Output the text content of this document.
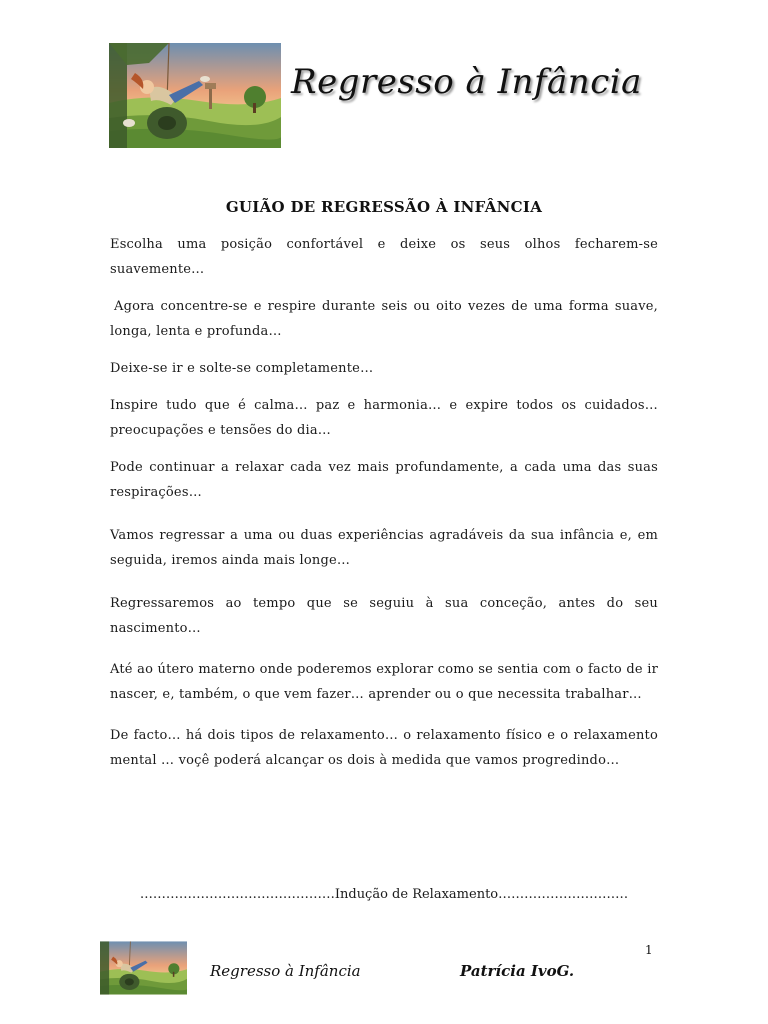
Regresso à Infância
GUIÃO DE REGRESSÃO À INFÂNCIA

Escolha uma posição confortável e deixe os seus olhos fecharem-se suavemente…

Agora concentre-se e respire durante seis ou oito vezes de uma forma suave, longa, lenta e profunda…

Deixe-se ir e solte-se completamente…

Inspire tudo que é calma… paz e harmonia… e expire todos os cuidados… preocupações e tensões do dia…

Pode continuar a relaxar cada vez mais profundamente, a cada uma das suas respirações…

Vamos regressar a uma ou duas experiências agradáveis da sua infância e, em seguida, iremos ainda mais longe…

Regressaremos ao tempo que se seguiu à sua conceção, antes do seu nascimento…

Até ao útero materno onde poderemos explorar como se sentia com o facto de ir nascer, e, também, o que vem fazer… aprender ou o que necessita trabalhar…

De facto… há dois tipos de relaxamento… o relaxamento físico e o relaxamento mental … voçê poderá alcançar os dois à medida que vamos progredindo…

………………………………………Indução de Relaxamento…………………………
1
Regresso à Infância	Patrícia IvoG.
